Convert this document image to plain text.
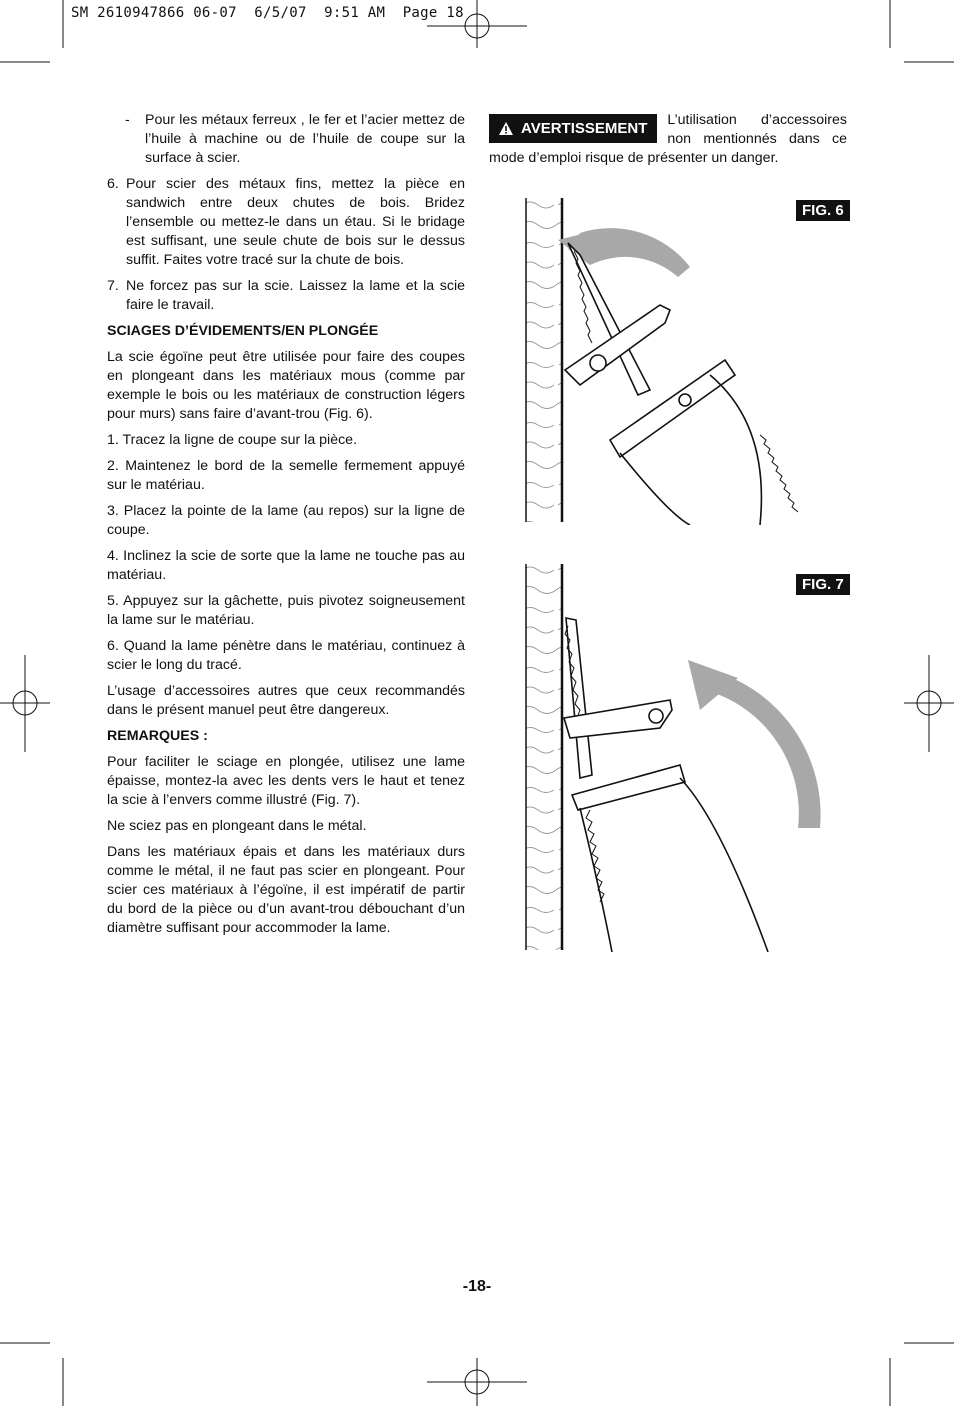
SM 2610947866 06-07  6/5/07  9:51 AM  Page 18
-	Pour les métaux ferreux , le fer et l’acier mettez de l’huile à machine ou de l’huile de coupe sur la surface à scier.
6. Pour scier des métaux fins, mettez la pièce en sandwich entre deux chutes de bois. Bridez l’ensemble ou mettez-le dans un étau. Si le bridage est suffisant, une seule chute de bois sur le dessus suffit. Faites votre tracé sur la chute de bois.
7. Ne forcez pas sur la scie. Laissez la lame et la scie faire le travail.

SCIAGES D’ÉVIDEMENTS/EN PLONGÉE

La scie égoïne peut être utilisée pour faire des coupes en plongeant dans les matériaux mous (comme par exemple le bois ou les matériaux de construction légers pour murs) sans faire d’avant-trou (Fig. 6).

1. Tracez la ligne de coupe sur la pièce.

2. Maintenez le bord de la semelle fermement appuyé sur le matériau.

3. Placez la pointe de la lame (au repos) sur la ligne de coupe.

4. Inclinez la scie de sorte que la lame ne touche pas au matériau.

5. Appuyez sur la gâchette, puis pivotez soigneusement la lame sur le matériau.

6. Quand la lame pénètre dans le matériau, continuez à scier le long du tracé.

L’usage d’accessoires autres que ceux recommandés dans le présent manuel peut être dangereux.

REMARQUES :

Pour faciliter le sciage en plongée, utilisez une lame épaisse, montez-la avec les dents vers le haut et tenez la scie à l’envers comme illustré (Fig. 7).

Ne sciez pas en plongeant dans le métal.

Dans les matériaux épais et dans les matériaux durs comme le métal, il ne faut pas scier en plongeant. Pour scier ces matériaux à l’égoïne, il est impératif de partir du bord de la pièce ou d’un avant-trou débouchant d’un diamètre suffisant pour accommoder la lame.

AVERTISSEMENT L’utilisation d’accessoires non mentionnés dans ce mode d’emploi risque de présenter un danger.
FIG. 6
FIG. 7
-18-
